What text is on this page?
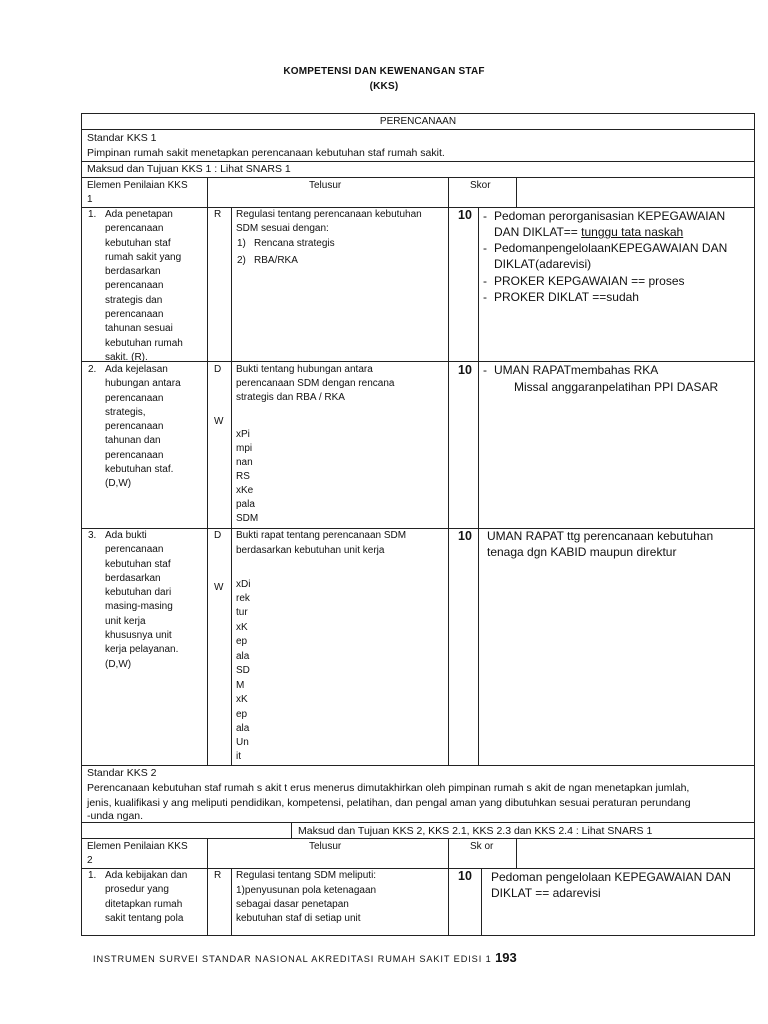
KOMPETENSI DAN KEWENANGAN STAF
(KKS)
PERENCANAAN
Standar KKS 1
Pimpinan rumah sakit menetapkan perencanaan kebutuhan staf rumah sakit.
Maksud dan Tujuan KKS 1 : Lihat SNARS 1
Elemen Penilaian KKS
1
Telusur	Skor
1. Ada penetapan
perencanaan
kebutuhan staf
rumah sakit yang
berdasarkan
perencanaan
strategis dan
perencanaan
tahunan sesuai
kebutuhan rumah
sakit. (R).
R Regulasi tentang perencanaan kebutuhan
SDM sesuai dengan:
1) Rencana strategis
2) RBA/RKA
10 - Pedoman perorganisasian KEPEGAWAIAN
DAN DIKLAT== tunggu tata naskah
- PedomanpengelolaanKEPEGAWAIAN DAN
DIKLAT(adarevisi)
- PROKER KEPGAWAIAN == proses
- PROKER DIKLAT ==sudah
2. Ada kejelasan
hubungan antara
perencanaan
strategis,
perencanaan
tahunan dan
perencanaan
kebutuhan staf.
(D,W)
D
W
Bukti tentang hubungan antara
perencanaan SDM dengan rencana
strategis dan RBA / RKA
xPi
mpi
nan
RS
xKe
pala
SDM
10 - UMAN RAPATmembahas RKA
Missal anggaranpelatihan PPI DASAR
3. Ada bukti
perencanaan
kebutuhan staf
berdasarkan
kebutuhan dari
masing-masing
unit kerja
khususnya unit
kerja pelayanan.
(D,W)
D
W
Bukti rapat tentang perencanaan SDM
berdasarkan kebutuhan unit kerja
xDi
rek
tur
xK
ep
ala
SD
M
xK
ep
ala
Un
it
10 UMAN RAPAT ttg perencanaan kebutuhan
tenaga dgn KABID maupun direktur
Standar KKS 2
Perencanaan kebutuhan staf rumah s akit t erus menerus dimutakhirkan oleh pimpinan rumah s akit de ngan menetapkan jumlah,
jenis, kualifikasi y ang meliputi pendidikan, kompetensi, pelatihan, dan pengal aman yang dibutuhkan sesuai peraturan perundang
-unda ngan.
Maksud dan Tujuan KKS 2, KKS 2.1, KKS 2.3 dan KKS 2.4 : Lihat SNARS 1
Elemen Penilaian KKS
2
Telusur	Sk or
1. Ada kebijakan dan
prosedur yang
ditetapkan rumah
sakit tentang pola
R Regulasi tentang SDM meliputi:
1)penyusunan pola ketenagaan
sebagai dasar penetapan
kebutuhan staf di setiap unit
10 Pedoman pengelolaan KEPEGAWAIAN DAN
DIKLAT == adarevisi
INSTRUMEN SURVEI STANDAR NASIONAL AKREDITASI RUMAH SAKIT EDISI 1 193
